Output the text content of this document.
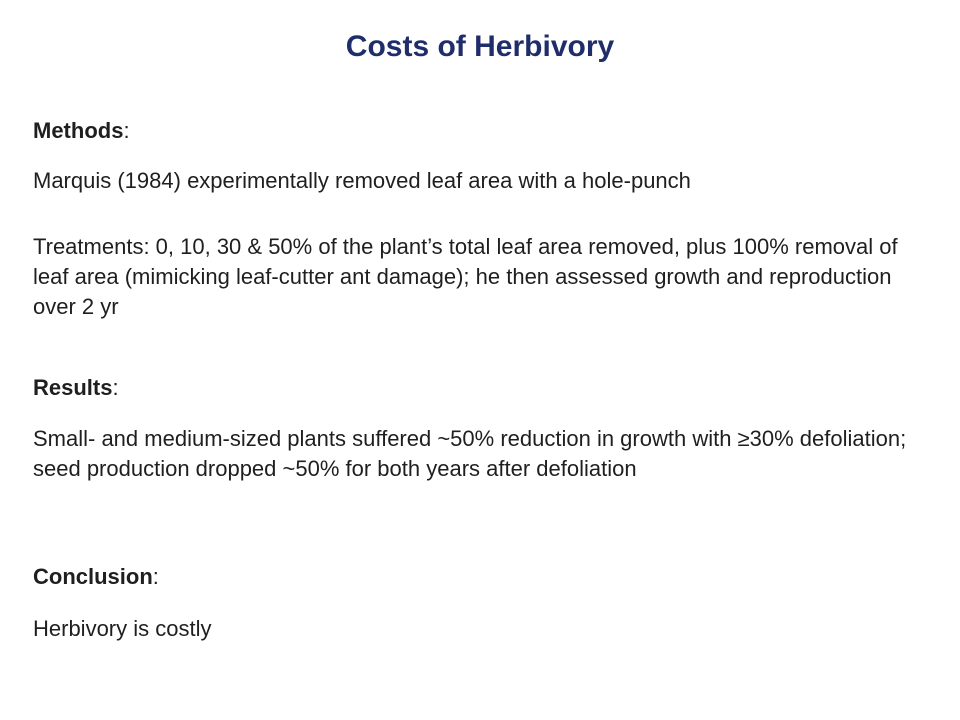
Costs of Herbivory
Methods:

Marquis (1984) experimentally removed leaf area with a hole-punch

Treatments: 0, 10, 30 & 50% of the plant’s total leaf area removed, plus 100% removal of leaf area (mimicking leaf-cutter ant damage); he then assessed growth and reproduction over 2 yr

Results:

Small- and medium-sized plants suffered ~50% reduction in growth with ≥30% defoliation; seed production dropped ~50% for both years after defoliation

Conclusion:

Herbivory is costly
